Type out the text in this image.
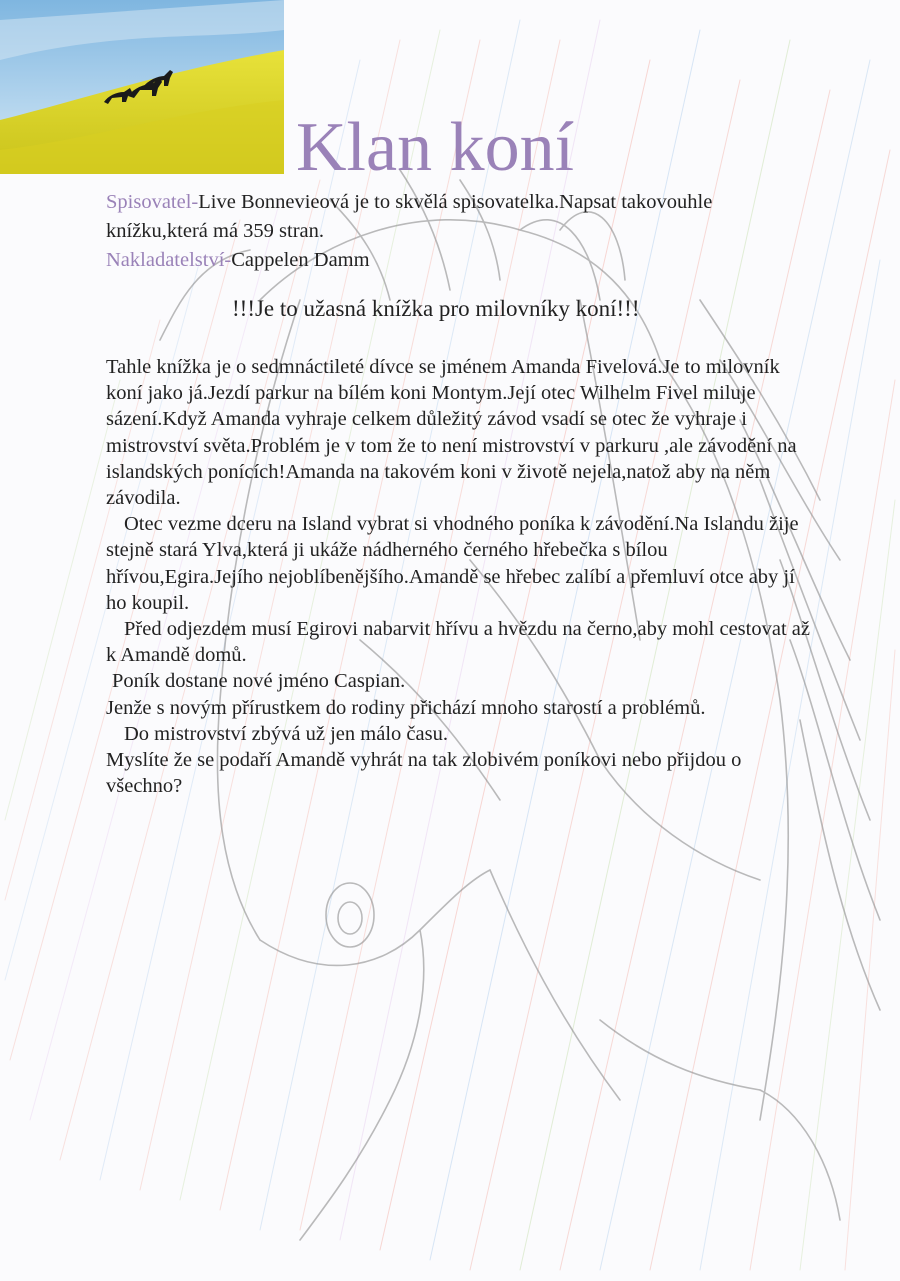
Klan koní

Spisovatel-Live Bonnevieová je to skvělá spisovatelka.Napsat takovouhle knížku,která má 359 stran.

Nakladatelství-Cappelen Damm

!!!Je to užasná knížka pro milovníky koní!!!

Tahle knížka je o sedmnáctileté dívce se jménem Amanda Fivelová.Je to milovník koní jako já.Jezdí parkur na bílém koni Montym.Její otec Wilhelm Fivel miluje sázení.Když Amanda vyhraje celkem důležitý závod vsadí se otec že vyhraje i mistrovství světa.Problém je v tom že to není mistrovství v parkuru ,ale závodění na islandských ponících!Amanda na takovém koni v životě nejela,natož aby na něm závodila.

Otec vezme dceru na Island vybrat si vhodného poníka k závodění.Na Islandu žije stejně stará Ylva,která ji ukáže nádherného černého hřebečka s bílou hřívou,Egira.Jejího nejoblíbenějšího.Amandě se hřebec zalíbí a přemluví otce aby jí ho koupil.

Před odjezdem musí Egirovi nabarvit hřívu a hvězdu na černo,aby mohl cestovat až k Amandě domů.

Poník dostane nové jméno Caspian.

Jenže s novým přírustkem do rodiny přichází mnoho starostí a problémů.

Do mistrovství zbývá už jen málo času.

Myslíte že se podaří Amandě vyhrát na tak zlobivém poníkovi nebo přijdou o všechno?
